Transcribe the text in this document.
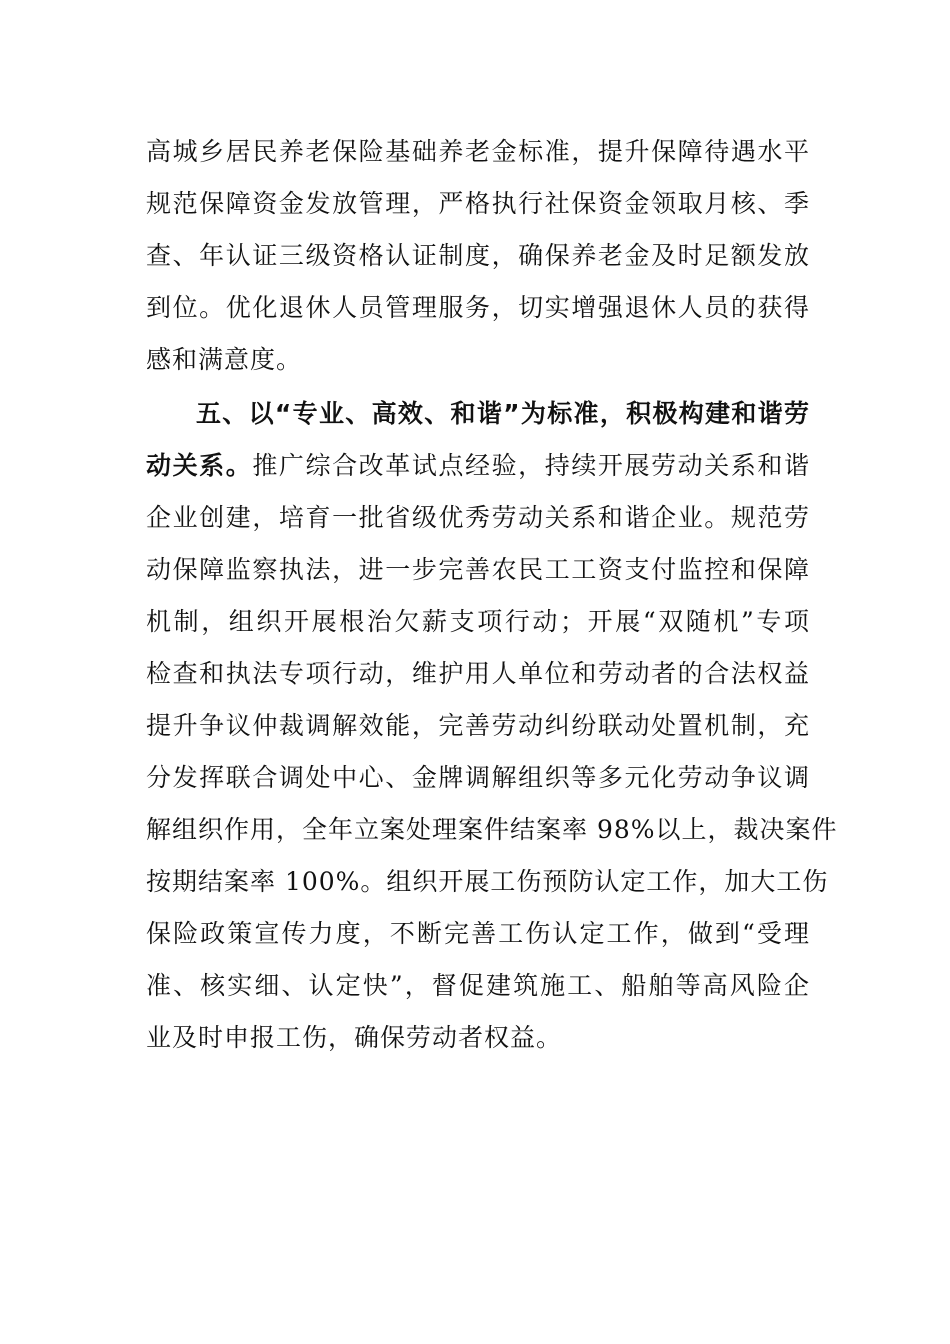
高城乡居民养老保险基础养老金标准，提升保障待遇水平
规范保障资金发放管理，严格执行社保资金领取月核、季
查、年认证三级资格认证制度，确保养老金及时足额发放
到位。优化退休人员管理服务，切实增强退休人员的获得
感和满意度。
五、以“专业、高效、和谐”为标准，积极构建和谐劳
动关系。推广综合改革试点经验，持续开展劳动关系和谐
企业创建，培育一批省级优秀劳动关系和谐企业。规范劳
动保障监察执法，进一步完善农民工工资支付监控和保障
机制，组织开展根治欠薪支项行动；开展“双随机”专项
检查和执法专项行动，维护用人单位和劳动者的合法权益
提升争议仲裁调解效能，完善劳动纠纷联动处置机制，充
分发挥联合调处中心、金牌调解组织等多元化劳动争议调
解组织作用，全年立案处理案件结案率 98%以上，裁决案件
按期结案率 100%。组织开展工伤预防认定工作，加大工伤
保险政策宣传力度，不断完善工伤认定工作，做到“受理
准、核实细、认定快”，督促建筑施工、船舶等高风险企
业及时申报工伤，确保劳动者权益。
